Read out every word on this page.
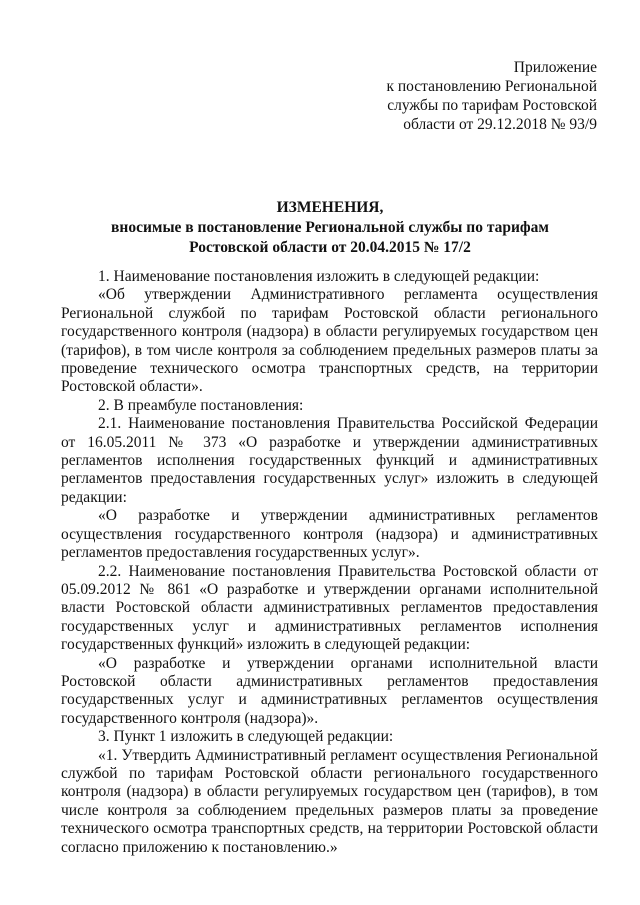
Приложение
к постановлению Региональной
службы по тарифам Ростовской
области от 29.12.2018 № 93/9
ИЗМЕНЕНИЯ,
вносимые в постановление Региональной службы по тарифам
Ростовской области от 20.04.2015 № 17/2

1. Наименование постановления изложить в следующей редакции:

«Об утверждении Административного регламента осуществления Региональной службой по тарифам Ростовской области регионального государственного контроля (надзора) в области регулируемых государством цен (тарифов), в том числе контроля за соблюдением предельных размеров платы за проведение технического осмотра транспортных средств, на территории Ростовской области».

2. В преамбуле постановления:

2.1. Наименование постановления Правительства Российской Федерации от 16.05.2011 № 373 «О разработке и утверждении административных регламентов исполнения государственных функций и административных регламентов предоставления государственных услуг» изложить в следующей редакции:

«О разработке и утверждении административных регламентов осуществления государственного контроля (надзора) и административных регламентов предоставления государственных услуг».

2.2. Наименование постановления Правительства Ростовской области от 05.09.2012 № 861 «О разработке и утверждении органами исполнительной власти Ростовской области административных регламентов предоставления государственных услуг и административных регламентов исполнения государственных функций» изложить в следующей редакции:

«О разработке и утверждении органами исполнительной власти Ростовской области административных регламентов предоставления государственных услуг и административных регламентов осуществления государственного контроля (надзора)».

3. Пункт 1 изложить в следующей редакции:

«1. Утвердить Административный регламент осуществления Региональной службой по тарифам Ростовской области регионального государственного контроля (надзора) в области регулируемых государством цен (тарифов), в том числе контроля за соблюдением предельных размеров платы за проведение технического осмотра транспортных средств, на территории Ростовской области согласно приложению к постановлению.»
